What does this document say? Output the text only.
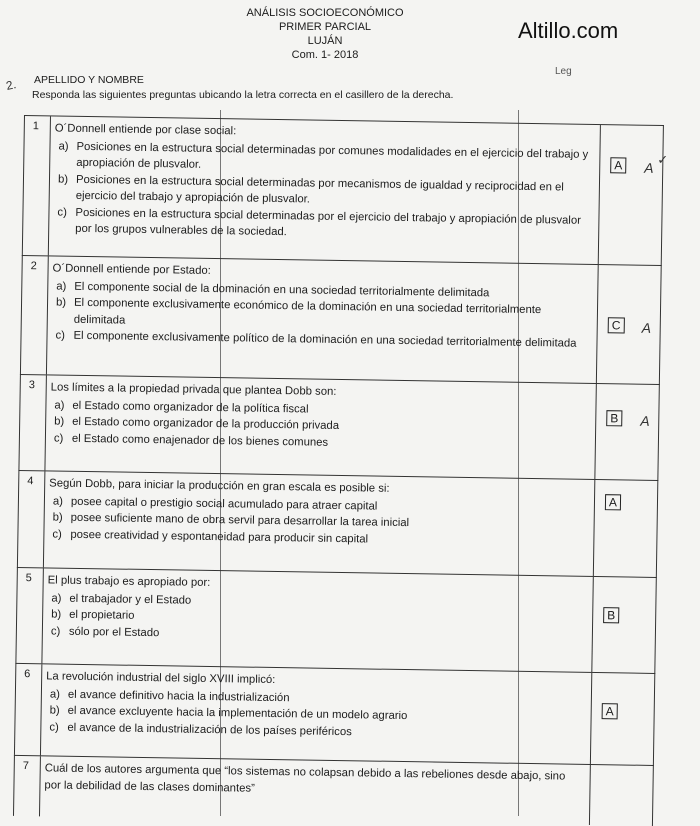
ANÁLISIS SOCIOECONÓMICO
PRIMER PARCIAL
LUJÁN
Com. 1- 2018
Altillo.com
Leg
2. APELLIDO Y NOMBRE
Responda las siguientes preguntas ubicando la letra correcta en el casillero de la derecha.
1	O´Donnell entiende por clase social:
a) Posiciones en la estructura social determinadas por comunes modalidades en el ejercicio del trabajo y apropiación de plusvalor.
b) Posiciones en la estructura social determinadas por mecanismos de igualdad y reciprocidad en el ejercicio del trabajo y apropiación de plusvalor.
c) Posiciones en la estructura social determinadas por el ejercicio del trabajo y apropiación de plusvalor por los grupos vulnerables de la sociedad.
A A
✓
2	O´Donnell entiende por Estado:
a) El componente social de la dominación en una sociedad territorialmente delimitada
b) El componente exclusivamente económico de la dominación en una sociedad territorialmente delimitada
c) El componente exclusivamente político de la dominación en una sociedad territorialmente delimitada
C A
3	Los límites a la propiedad privada que plantea Dobb son:
a) el Estado como organizador de la política fiscal
b) el Estado como organizador de la producción privada
c) el Estado como enajenador de los bienes comunes
B A
4	Según Dobb, para iniciar la producción en gran escala es posible si:
a) posee capital o prestigio social acumulado para atraer capital
b) posee suficiente mano de obra servil para desarrollar la tarea inicial
c) posee creatividad y espontaneidad para producir sin capital
A
5	El plus trabajo es apropiado por:
a) el trabajador y el Estado
b) el propietario
c) sólo por el Estado
B
6	La revolución industrial del siglo XVIII implicó:
a) el avance definitivo hacia la industrialización
b) el avance excluyente hacia la implementación de un modelo agrario
c) el avance de la industrialización de los países periféricos
A
7	Cuál de los autores argumenta que “los sistemas no colapsan debido a las rebeliones desde abajo, sino por la debilidad de las clases dominantes”
